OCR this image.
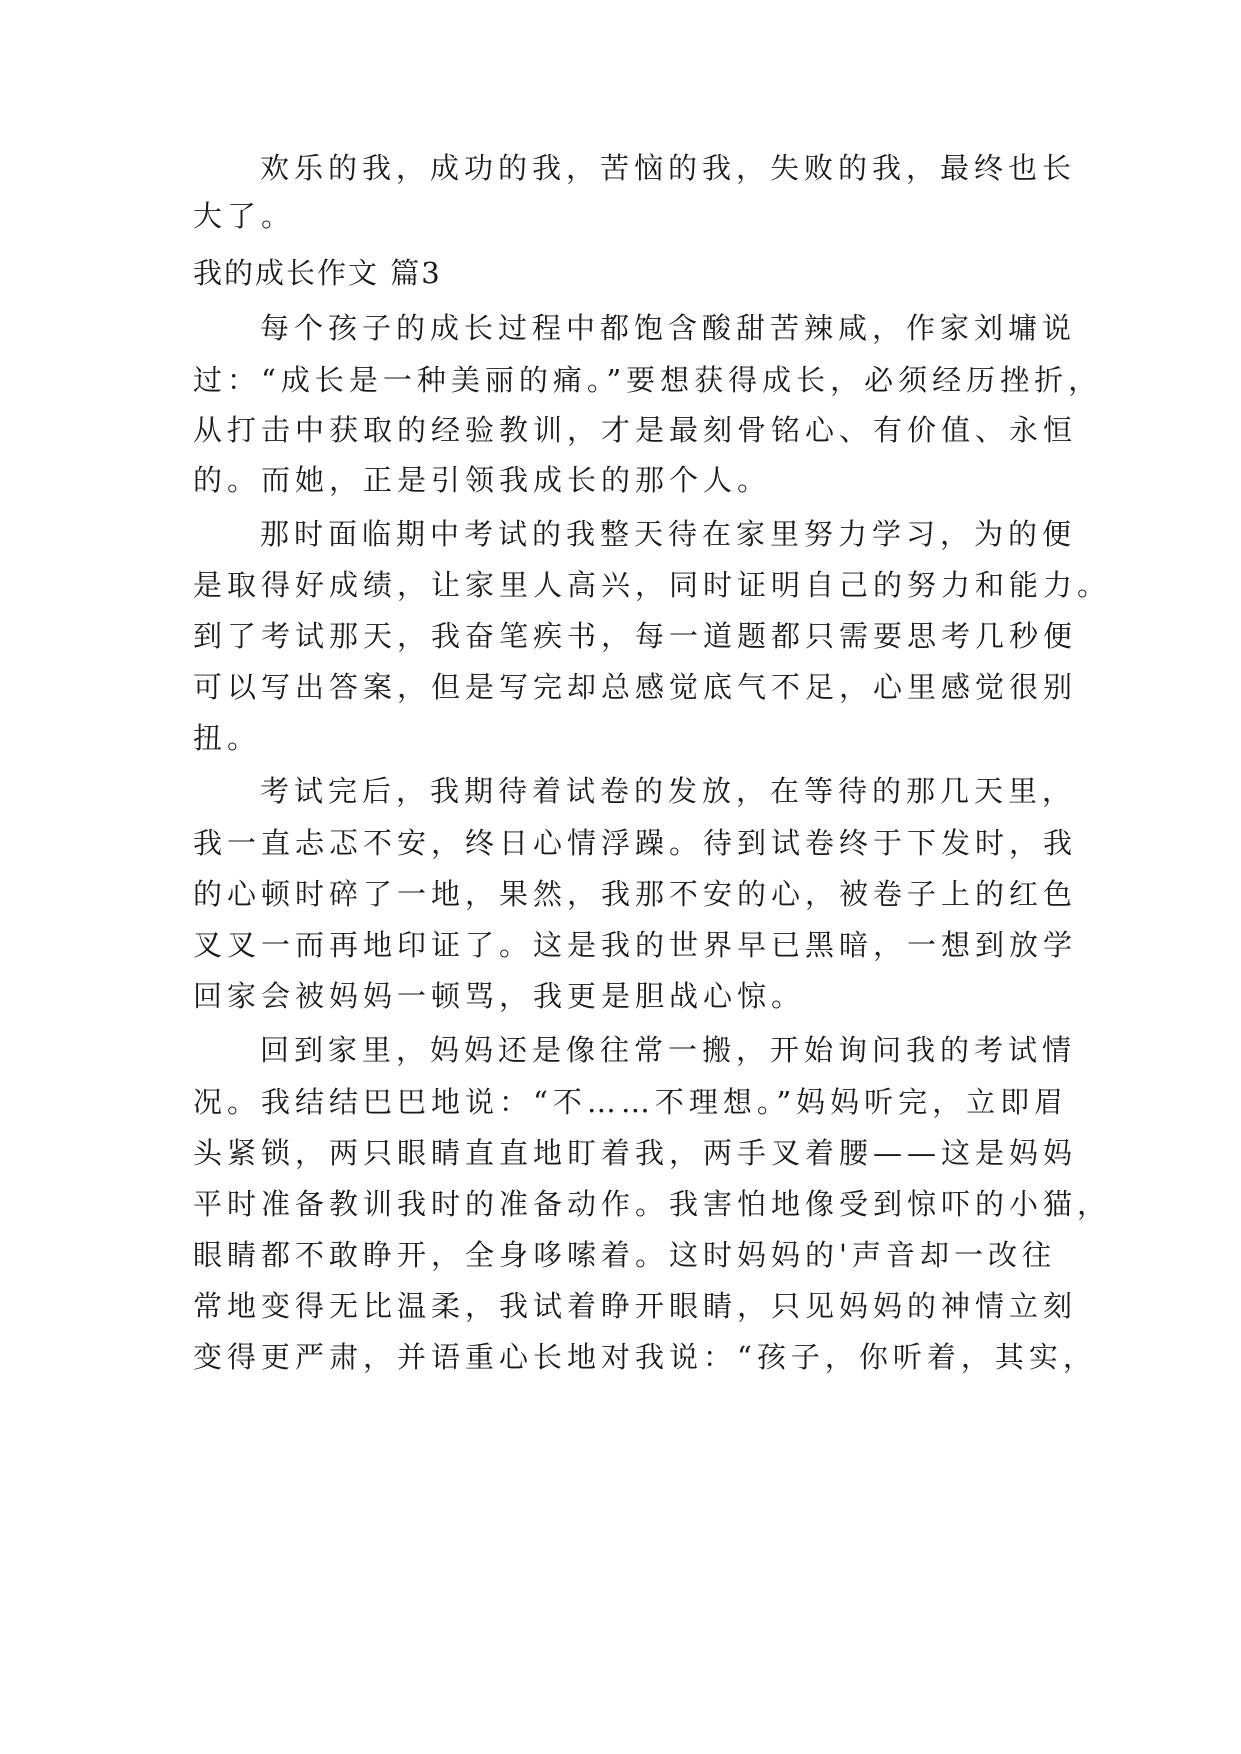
欢乐的我，成功的我，苦恼的我，失败的我，最终也长
大了。
我的成长作文 篇3
每个孩子的成长过程中都饱含酸甜苦辣咸，作家刘墉说
过：“成长是一种美丽的痛。”要想获得成长，必须经历挫折，
从打击中获取的经验教训，才是最刻骨铭心、有价值、永恒
的。而她，正是引领我成长的那个人。
那时面临期中考试的我整天待在家里努力学习，为的便
是取得好成绩，让家里人高兴，同时证明自己的努力和能力。
到了考试那天，我奋笔疾书，每一道题都只需要思考几秒便
可以写出答案，但是写完却总感觉底气不足，心里感觉很别
扭。
考试完后，我期待着试卷的发放，在等待的那几天里，
我一直忐忑不安，终日心情浮躁。待到试卷终于下发时，我
的心顿时碎了一地，果然，我那不安的心，被卷子上的红色
叉叉一而再地印证了。这是我的世界早已黑暗，一想到放学
回家会被妈妈一顿骂，我更是胆战心惊。
回到家里，妈妈还是像往常一搬，开始询问我的考试情
况。我结结巴巴地说：“不……不理想。”妈妈听完，立即眉
头紧锁，两只眼睛直直地盯着我，两手叉着腰——这是妈妈
平时准备教训我时的准备动作。我害怕地像受到惊吓的小猫，
眼睛都不敢睁开，全身哆嗦着。这时妈妈的'声音却一改往
常地变得无比温柔，我试着睁开眼睛，只见妈妈的神情立刻
变得更严肃，并语重心长地对我说：“孩子，你听着，其实，
